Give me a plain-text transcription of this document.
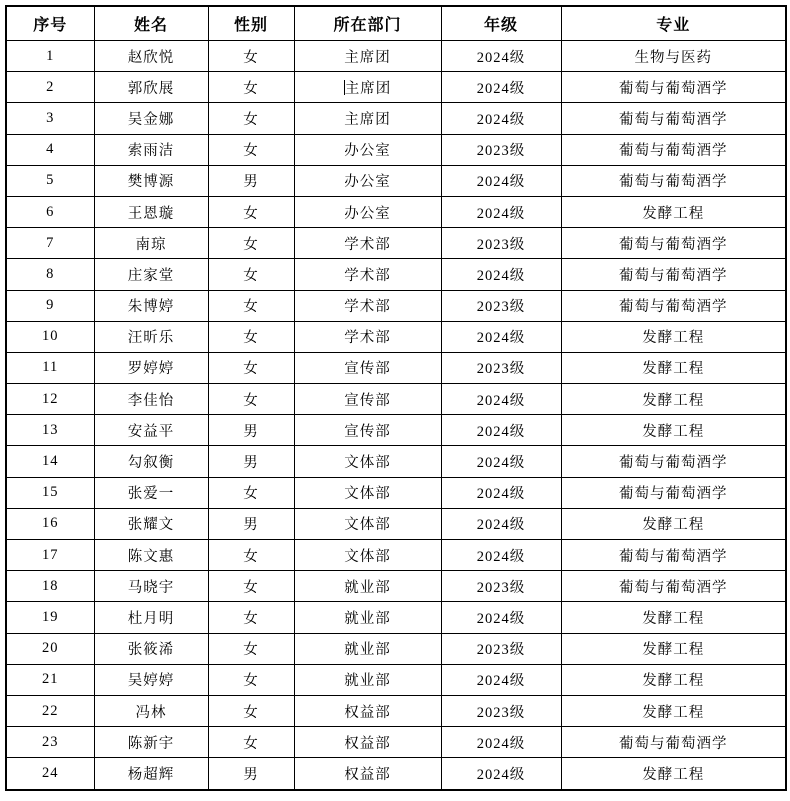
序号	姓名	性别	所在部门	年级	专业
1	赵欣悦	女	主席团	2024级	生物与医药
2	郭欣展	女	主席团	2024级	葡萄与葡萄酒学
3	吴金娜	女	主席团	2024级	葡萄与葡萄酒学
4	索雨洁	女	办公室	2023级	葡萄与葡萄酒学
5	樊博源	男	办公室	2024级	葡萄与葡萄酒学
6	王恩璇	女	办公室	2024级	发酵工程
7	南琼	女	学术部	2023级	葡萄与葡萄酒学
8	庄家堂	女	学术部	2024级	葡萄与葡萄酒学
9	朱博婷	女	学术部	2023级	葡萄与葡萄酒学
10	汪昕乐	女	学术部	2024级	发酵工程
11	罗婷婷	女	宣传部	2023级	发酵工程
12	李佳怡	女	宣传部	2024级	发酵工程
13	安益平	男	宣传部	2024级	发酵工程
14	勾叙衡	男	文体部	2024级	葡萄与葡萄酒学
15	张爱一	女	文体部	2024级	葡萄与葡萄酒学
16	张耀文	男	文体部	2024级	发酵工程
17	陈文惠	女	文体部	2024级	葡萄与葡萄酒学
18	马晓宇	女	就业部	2023级	葡萄与葡萄酒学
19	杜月明	女	就业部	2024级	发酵工程
20	张筱浠	女	就业部	2023级	发酵工程
21	吴婷婷	女	就业部	2024级	发酵工程
22	冯林	女	权益部	2023级	发酵工程
23	陈新宇	女	权益部	2024级	葡萄与葡萄酒学
24	杨超辉	男	权益部	2024级	发酵工程
